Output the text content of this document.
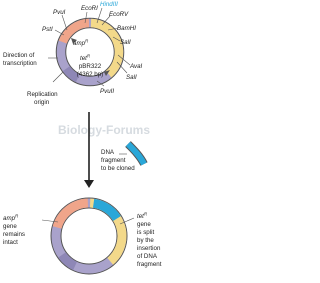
PvuI
PstI
EcoRI
HindIII
EcoRV
BamHI
SalI
AvaI
SalI
PvuII
amp$^R$
tet$^R$
pBR322
(4362 bp)
Direction of
transcription
Replication
origin
Biology-Forums
DNA
fragment
to be cloned
amp$^R$
gene
remains
intact
tet$^R$
gene
is split
by the
insertion
of DNA
fragment
